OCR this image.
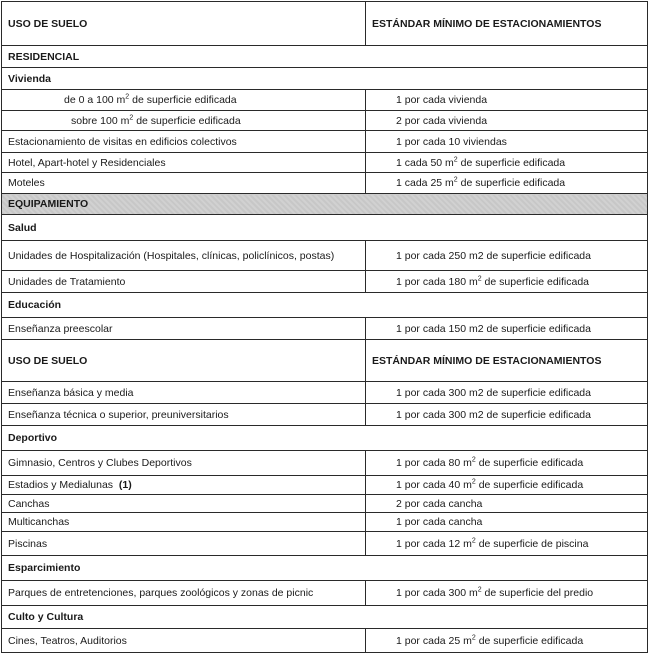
USO DE SUELO	ESTÁNDAR MÍNIMO DE ESTACIONAMIENTOS
RESIDENCIAL	
Vivienda	
de 0 a 100 $m^2$ de superficie edificada	1 por cada vivienda
sobre 100 $m^2$ de superficie edificada	2 por cada vivienda
Estacionamiento de visitas en edificios colectivos	1 por cada 10 viviendas
Hotel, Apart-hotel y Residenciales	1 cada 50 $m^2$ de superficie edificada
Moteles	1 cada 25 $m^2$ de superficie edificada
EQUIPAMIENTO	
Salud	
Unidades de Hospitalización (Hospitales, clínicas, policlínicos, postas)	1 por cada 250 m2 de superficie edificada
Unidades de Tratamiento	1 por cada 180 $m^2$ de superficie edificada
Educación	
Enseñanza preescolar	1 por cada 150 m2 de superficie edificada
USO DE SUELO	ESTÁNDAR MÍNIMO DE ESTACIONAMIENTOS
Enseñanza básica y media	1 por cada 300 m2 de superficie edificada
Enseñanza técnica o superior, preuniversitarios	1 por cada 300 m2 de superficie edificada
Deportivo	
Gimnasio, Centros y Clubes Deportivos	1 por cada 80 $m^2$ de superficie edificada
Estadios y Medialunas (1)	1 por cada 40 $m^2$ de superficie edificada
Canchas	2 por cada cancha
Multicanchas	1 por cada cancha
Piscinas	1 por cada 12 $m^2$ de superficie de piscina
Esparcimiento	
Parques de entretenciones, parques zoológicos y zonas de picnic	1 por cada 300 $m^2$ de superficie del predio
Culto y Cultura	
Cines, Teatros, Auditorios	1 por cada 25 $m^2$ de superficie edificada
